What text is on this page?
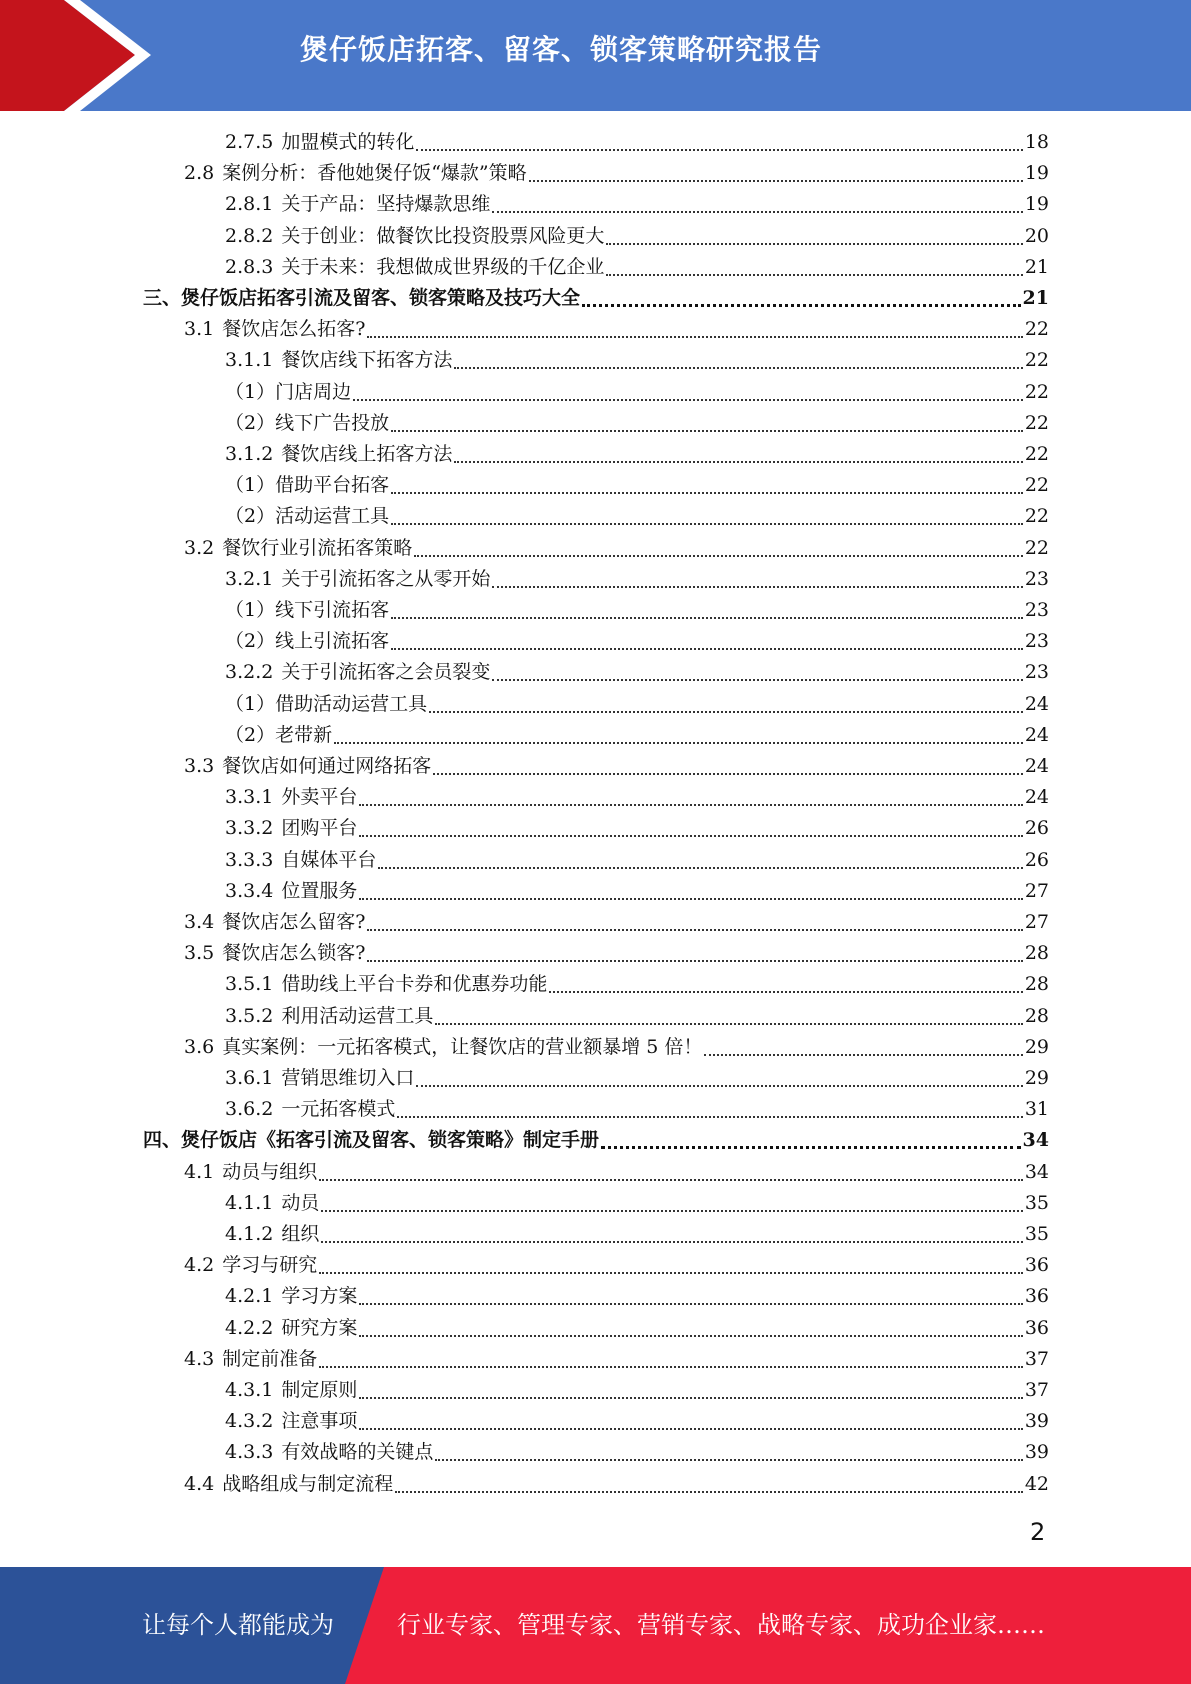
煲仔饭店拓客、留客、锁客策略研究报告
2.7.5 加盟模式的转化	18
2.8 案例分析：香他她煲仔饭“爆款”策略	19
2.8.1 关于产品：坚持爆款思维	19
2.8.2 关于创业：做餐饮比投资股票风险更大	20
2.8.3 关于未来：我想做成世界级的千亿企业	21
三、煲仔饭店拓客引流及留客、锁客策略及技巧大全	21
3.1 餐饮店怎么拓客?	22
3.1.1 餐饮店线下拓客方法	22
（1）门店周边	22
（2）线下广告投放	22
3.1.2 餐饮店线上拓客方法	22
（1）借助平台拓客	22
（2）活动运营工具	22
3.2 餐饮行业引流拓客策略	22
3.2.1 关于引流拓客之从零开始	23
（1）线下引流拓客	23
（2）线上引流拓客	23
3.2.2 关于引流拓客之会员裂变	23
（1）借助活动运营工具	24
（2）老带新	24
3.3 餐饮店如何通过网络拓客	24
3.3.1 外卖平台	24
3.3.2 团购平台	26
3.3.3 自媒体平台	26
3.3.4 位置服务	27
3.4 餐饮店怎么留客?	27
3.5 餐饮店怎么锁客?	28
3.5.1 借助线上平台卡券和优惠券功能	28
3.5.2 利用活动运营工具	28
3.6 真实案例：一元拓客模式，让餐饮店的营业额暴增 5 倍！	29
3.6.1 营销思维切入口	29
3.6.2 一元拓客模式	31
四、煲仔饭店《拓客引流及留客、锁客策略》制定手册	34
4.1 动员与组织	34
4.1.1 动员	35
4.1.2 组织	35
4.2 学习与研究	36
4.2.1 学习方案	36
4.2.2 研究方案	36
4.3 制定前准备	37
4.3.1 制定原则	37
4.3.2 注意事项	39
4.3.3 有效战略的关键点	39
4.4 战略组成与制定流程	42
2
让每个人都能成为	行业专家、管理专家、营销专家、战略专家、成功企业家……
